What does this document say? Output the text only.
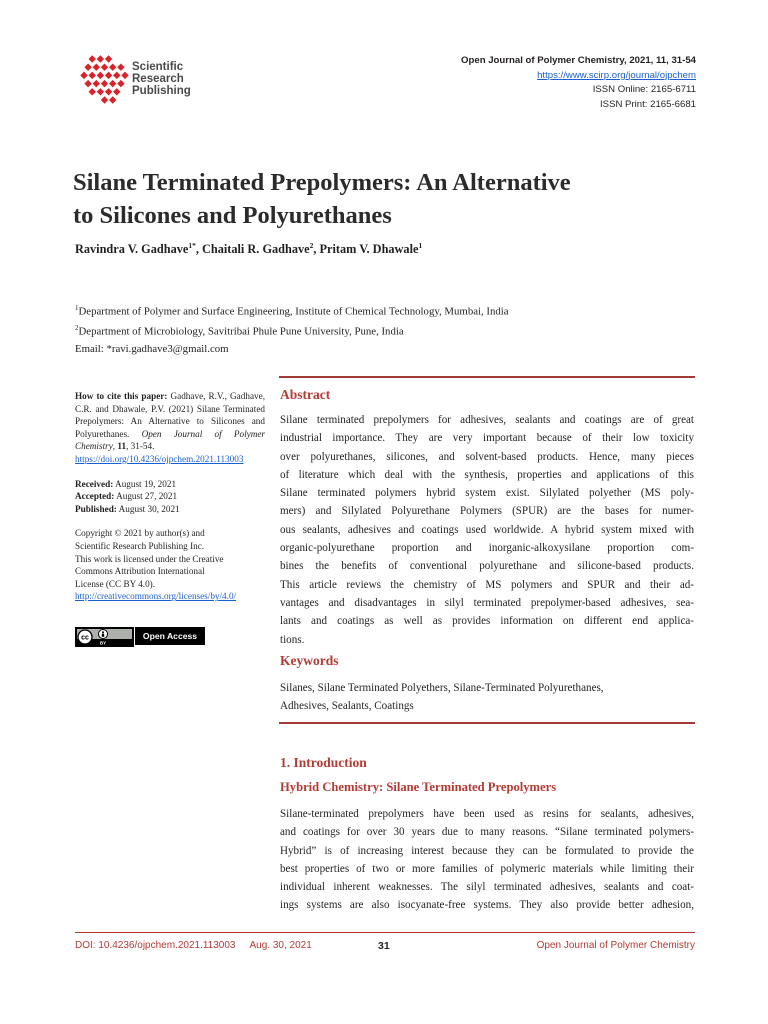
Scientific
Research
Publishing
Open Journal of Polymer Chemistry, 2021, 11, 31-54
https://www.scirp.org/journal/ojpchem
ISSN Online: 2165-6711
ISSN Print: 2165-6681
Silane Terminated Prepolymers: An Alternative
to Silicones and Polyurethanes
Ravindra V. Gadhave$^{1*}$, Chaitali R. Gadhave$^2$, Pritam V. Dhawale$^1$
$^1$Department of Polymer and Surface Engineering, Institute of Chemical Technology, Mumbai, India
$^2$Department of Microbiology, Savitribai Phule Pune University, Pune, India
Email: *ravi.gadhave3@gmail.com
How to cite this paper: Gadhave, R.V., Gadhave, C.R. and Dhawale, P.V. (2021) Silane Terminated Prepolymers: An Alternative to Silicones and Polyurethanes. Open Journal of Polymer Chemistry, 11, 31-54.
https://doi.org/10.4236/ojpchem.2021.113003
Received: August 19, 2021
Accepted: August 27, 2021
Published: August 30, 2021
Copyright © 2021 by author(s) and
Scientific Research Publishing Inc.
This work is licensed under the Creative
Commons Attribution International
License (CC BY 4.0).
http://creativecommons.org/licenses/by/4.0/
cc
BY
Open Access
Abstract
Silane terminated prepolymers for adhesives, sealants and coatings are of great
industrial importance. They are very important because of their low toxicity
over polyurethanes, silicones, and solvent-based products. Hence, many pieces
of literature which deal with the synthesis, properties and applications of this
Silane terminated polymers hybrid system exist. Silylated polyether (MS poly-
mers) and Silylated Polyurethane Polymers (SPUR) are the bases for numer-
ous sealants, adhesives and coatings used worldwide. A hybrid system mixed with
organic-polyurethane proportion and inorganic-alkoxysilane proportion com-
bines the benefits of conventional polyurethane and silicone-based products.
This article reviews the chemistry of MS polymers and SPUR and their ad-
vantages and disadvantages in silyl terminated prepolymer-based adhesives, sea-
lants and coatings as well as provides information on different end applica-
tions.
Keywords
Silanes, Silane Terminated Polyethers, Silane-Terminated Polyurethanes,
Adhesives, Sealants, Coatings
1. Introduction
Hybrid Chemistry: Silane Terminated Prepolymers
Silane-terminated prepolymers have been used as resins for sealants, adhesives,
and coatings for over 30 years due to many reasons. “Silane terminated polymers-
Hybrid” is of increasing interest because they can be formulated to provide the
best properties of two or more families of polymeric materials while limiting their
individual inherent weaknesses. The silyl terminated adhesives, sealants and coat-
ings systems are also isocyanate-free systems. They also provide better adhesion,
DOI: 10.4236/ojpchem.2021.113003 Aug. 30, 2021	31	Open Journal of Polymer Chemistry
